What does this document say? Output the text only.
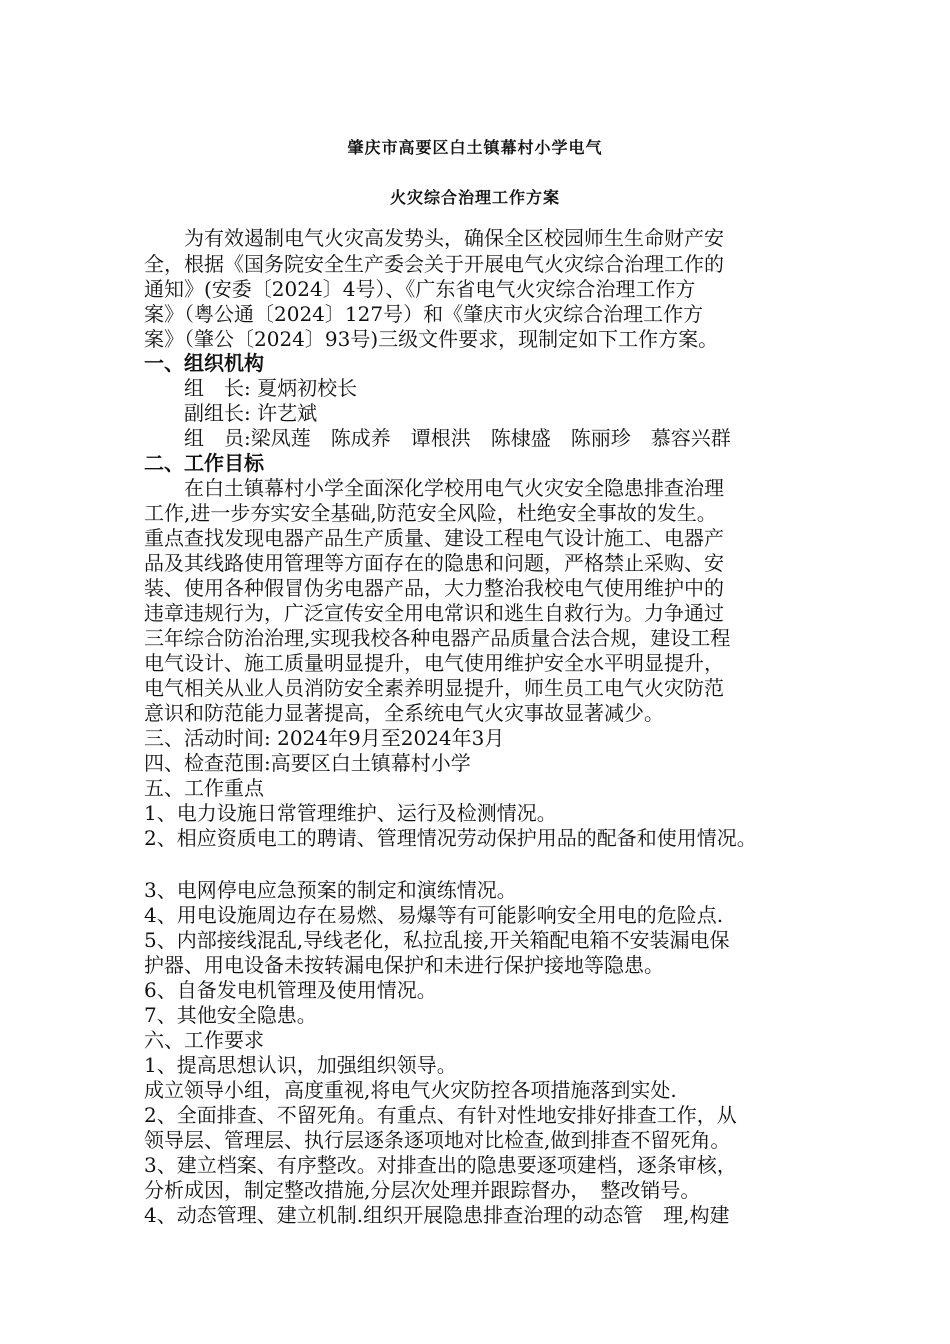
肇庆市高要区白土镇幕村小学电气
火灾综合治理工作方案
　　为有效遏制电气火灾高发势头，确保全区校园师生生命财产安
全，根据《国务院安全生产委会关于开展电气火灾综合治理工作的
通知》(安委〔2024〕4号）、《广东省电气火灾综合治理工作方
案》（粤公通〔2024〕127号）和《肇庆市火灾综合治理工作方
案》（肇公〔2024〕93号)三级文件要求，现制定如下工作方案。
一、组织机构
　　组　长: 夏炳初校长
　　副组长: 许艺斌
　　组　员:梁凤莲　陈成养　谭根洪　陈棣盛　陈丽珍　慕容兴群
二、工作目标
　　在白土镇幕村小学全面深化学校用电气火灾安全隐患排查治理
工作,进一步夯实安全基础,防范安全风险，杜绝安全事故的发生。
重点查找发现电器产品生产质量、建设工程电气设计施工、电器产
品及其线路使用管理等方面存在的隐患和问题，严格禁止采购、安
装、使用各种假冒伪劣电器产品，大力整治我校电气使用维护中的
违章违规行为，广泛宣传安全用电常识和逃生自救行为。力争通过
三年综合防治治理,实现我校各种电器产品质量合法合规，建设工程
电气设计、施工质量明显提升，电气使用维护安全水平明显提升，
电气相关从业人员消防安全素养明显提升，师生员工电气火灾防范
意识和防范能力显著提高，全系统电气火灾事故显著减少。
三、活动时间: 2024年9月至2024年3月
四、检查范围:高要区白土镇幕村小学
五、工作重点
1、电力设施日常管理维护、运行及检测情况。
2、相应资质电工的聘请、管理情况劳动保护用品的配备和使用情况。
3、电网停电应急预案的制定和演练情况。
4、用电设施周边存在易燃、易爆等有可能影响安全用电的危险点.
5、内部接线混乱,导线老化，私拉乱接,开关箱配电箱不安装漏电保
护器、用电设备未按转漏电保护和未进行保护接地等隐患。
6、自备发电机管理及使用情况。
7、其他安全隐患。
六、工作要求
1、提高思想认识，加强组织领导。
成立领导小组，高度重视,将电气火灾防控各项措施落到实处.
2、全面排查、不留死角。有重点、有针对性地安排好排查工作，从
领导层、管理层、执行层逐条逐项地对比检查,做到排查不留死角。
3、建立档案、有序整改。对排查出的隐患要逐项建档，逐条审核，
分析成因，制定整改措施,分层次处理并跟踪督办，　整改销号。
4、动态管理、建立机制.组织开展隐患排查治理的动态管　理,构建
